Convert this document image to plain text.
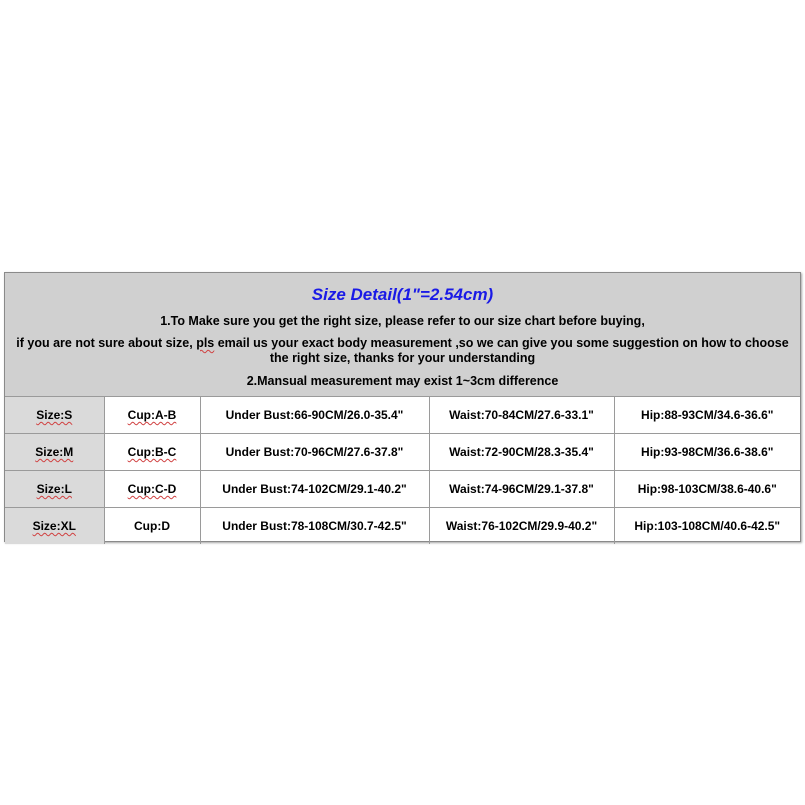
Size Detail(1"=2.54cm)
1.To Make sure you get the right size, please refer to our size chart before buying,
if you are not sure about size, pls email us your exact body measurement ,so we can give you some suggestion on how to choose
the right size, thanks for your understanding
2.Mansual measurement may exist 1~3cm difference
Size:S	Cup:A-B	Under Bust:66-90CM/26.0-35.4"	Waist:70-84CM/27.6-33.1"	Hip:88-93CM/34.6-36.6"
Size:M	Cup:B-C	Under Bust:70-96CM/27.6-37.8"	Waist:72-90CM/28.3-35.4"	Hip:93-98CM/36.6-38.6"
Size:L	Cup:C-D	Under Bust:74-102CM/29.1-40.2"	Waist:74-96CM/29.1-37.8"	Hip:98-103CM/38.6-40.6"
Size:XL	Cup:D	Under Bust:78-108CM/30.7-42.5"	Waist:76-102CM/29.9-40.2"	Hip:103-108CM/40.6-42.5"
